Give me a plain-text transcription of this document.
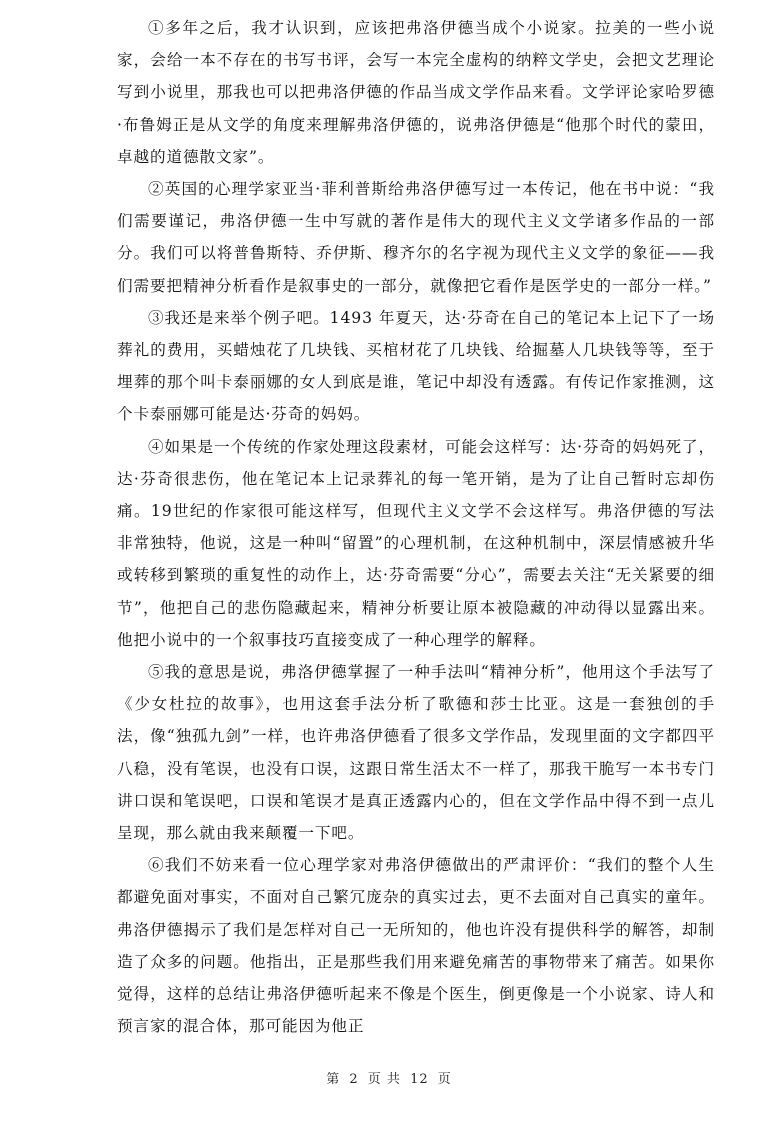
①多年之后，我才认识到，应该把弗洛伊德当成个小说家。拉美的一些小说家，会给一本不存在的书写书评，会写一本完全虚构的纳粹文学史，会把文艺理论写到小说里，那我也可以把弗洛伊德的作品当成文学作品来看。文学评论家哈罗德·布鲁姆正是从文学的角度来理解弗洛伊德的，说弗洛伊德是“他那个时代的蒙田，卓越的道德散文家”。

②英国的心理学家亚当·菲利普斯给弗洛伊德写过一本传记，他在书中说：“我们需要谨记，弗洛伊德一生中写就的著作是伟大的现代主义文学诸多作品的一部分。我们可以将普鲁斯特、乔伊斯、穆齐尔的名字视为现代主义文学的象征——我们需要把精神分析看作是叙事史的一部分，就像把它看作是医学史的一部分一样。”

③我还是来举个例子吧。1493 年夏天，达·芬奇在自己的笔记本上记下了一场葬礼的费用，买蜡烛花了几块钱、买棺材花了几块钱、给掘墓人几块钱等等，至于埋葬的那个叫卡泰丽娜的女人到底是谁，笔记中却没有透露。有传记作家推测，这个卡泰丽娜可能是达·芬奇的妈妈。

④如果是一个传统的作家处理这段素材，可能会这样写：达·芬奇的妈妈死了，达·芬奇很悲伤，他在笔记本上记录葬礼的每一笔开销，是为了让自己暂时忘却伤痛。19世纪的作家很可能这样写，但现代主义文学不会这样写。弗洛伊德的写法非常独特，他说，这是一种叫“留置”的心理机制，在这种机制中，深层情感被升华或转移到繁琐的重复性的动作上，达·芬奇需要“分心”，需要去关注“无关紧要的细节”，他把自己的悲伤隐藏起来，精神分析要让原本被隐藏的冲动得以显露出来。他把小说中的一个叙事技巧直接变成了一种心理学的解释。

⑤我的意思是说，弗洛伊德掌握了一种手法叫“精神分析”，他用这个手法写了《少女杜拉的故事》，也用这套手法分析了歌德和莎士比亚。这是一套独创的手法，像“独孤九剑”一样，也许弗洛伊德看了很多文学作品，发现里面的文字都四平八稳，没有笔误，也没有口误，这跟日常生活太不一样了，那我干脆写一本书专门讲口误和笔误吧，口误和笔误才是真正透露内心的，但在文学作品中得不到一点儿呈现，那么就由我来颠覆一下吧。

⑥我们不妨来看一位心理学家对弗洛伊德做出的严肃评价：“我们的整个人生都避免面对事实，不面对自己繁冗庞杂的真实过去，更不去面对自己真实的童年。弗洛伊德揭示了我们是怎样对自己一无所知的，他也许没有提供科学的解答，却制造了众多的问题。他指出，正是那些我们用来避免痛苦的事物带来了痛苦。如果你觉得，这样的总结让弗洛伊德听起来不像是个医生，倒更像是一个小说家、诗人和预言家的混合体，那可能因为他正

第 2 页 共 12 页
